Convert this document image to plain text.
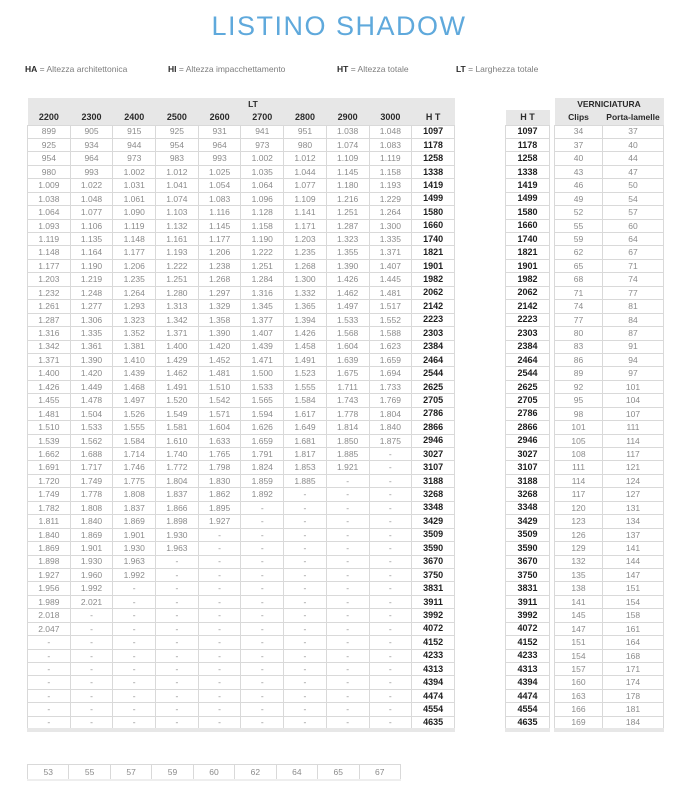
LISTINO SHADOW
HA = Altezza architettonica	HI = Altezza impacchettamento	HT = Altezza totale	LT = Larghezza totale
LT									
2200	2300	2400	2500	2600	2700	2800	2900	3000	H T
899	905	915	925	931	941	951	1.038	1.048	1097
925	934	944	954	964	973	980	1.074	1.083	1178
954	964	973	983	993	1.002	1.012	1.109	1.119	1258
980	993	1.002	1.012	1.025	1.035	1.044	1.145	1.158	1338
1.009	1.022	1.031	1.041	1.054	1.064	1.077	1.180	1.193	1419
1.038	1.048	1.061	1.074	1.083	1.096	1.109	1.216	1.229	1499
1.064	1.077	1.090	1.103	1.116	1.128	1.141	1.251	1.264	1580
1.093	1.106	1.119	1.132	1.145	1.158	1.171	1.287	1.300	1660
1.119	1.135	1.148	1.161	1.177	1.190	1.203	1.323	1.335	1740
1.148	1.164	1.177	1.193	1.206	1.222	1.235	1.355	1.371	1821
1.177	1.190	1.206	1.222	1.238	1.251	1.268	1.390	1.407	1901
1.203	1.219	1.235	1.251	1.268	1.284	1.300	1.426	1.445	1982
1.232	1.248	1.264	1.280	1.297	1.316	1.332	1.462	1.481	2062
1.261	1.277	1.293	1.313	1.329	1.345	1.365	1.497	1.517	2142
1.287	1.306	1.323	1.342	1.358	1.377	1.394	1.533	1.552	2223
1.316	1.335	1.352	1.371	1.390	1.407	1.426	1.568	1.588	2303
1.342	1.361	1.381	1.400	1.420	1.439	1.458	1.604	1.623	2384
1.371	1.390	1.410	1.429	1.452	1.471	1.491	1.639	1.659	2464
1.400	1.420	1.439	1.462	1.481	1.500	1.523	1.675	1.694	2544
1.426	1.449	1.468	1.491	1.510	1.533	1.555	1.711	1.733	2625
1.455	1.478	1.497	1.520	1.542	1.565	1.584	1.743	1.769	2705
1.481	1.504	1.526	1.549	1.571	1.594	1.617	1.778	1.804	2786
1.510	1.533	1.555	1.581	1.604	1.626	1.649	1.814	1.840	2866
1.539	1.562	1.584	1.610	1.633	1.659	1.681	1.850	1.875	2946
1.662	1.688	1.714	1.740	1.765	1.791	1.817	1.885	-	3027
1.691	1.717	1.746	1.772	1.798	1.824	1.853	1.921	-	3107
1.720	1.749	1.775	1.804	1.830	1.859	1.885	-	-	3188
1.749	1.778	1.808	1.837	1.862	1.892	-	-	-	3268
1.782	1.808	1.837	1.866	1.895	-	-	-	-	3348
1.811	1.840	1.869	1.898	1.927	-	-	-	-	3429
1.840	1.869	1.901	1.930	-	-	-	-	-	3509
1.869	1.901	1.930	1.963	-	-	-	-	-	3590
1.898	1.930	1.963	-	-	-	-	-	-	3670
1.927	1.960	1.992	-	-	-	-	-	-	3750
1.956	1.992	-	-	-	-	-	-	-	3831
1.989	2.021	-	-	-	-	-	-	-	3911
2.018	-	-	-	-	-	-	-	-	3992
2.047	-	-	-	-	-	-	-	-	4072
-	-	-	-	-	-	-	-	-	4152
-	-	-	-	-	-	-	-	-	4233
-	-	-	-	-	-	-	-	-	4313
-	-	-	-	-	-	-	-	-	4394
-	-	-	-	-	-	-	-	-	4474
-	-	-	-	-	-	-	-	-	4554
-	-	-	-	-	-	-	-	-	4635

H T
1097
1178
1258
1338
1419
1499
1580
1660
1740
1821
1901
1982
2062
2142
2223
2303
2384
2464
2544
2625
2705
2786
2866
2946
3027
3107
3188
3268
3348
3429
3509
3590
3670
3750
3831
3911
3992
4072
4152
4233
4313
4394
4474
4554
4635
VERNICIATURA	
Clips	Porta-lamelle
34	37
37	40
40	44
43	47
46	50
49	54
52	57
55	60
59	64
62	67
65	71
68	74
71	77
74	81
77	84
80	87
83	91
86	94
89	97
92	101
95	104
98	107
101	111
105	114
108	117
111	121
114	124
117	127
120	131
123	134
126	137
129	141
132	144
135	147
138	151
141	154
145	158
147	161
151	164
154	168
157	171
160	174
163	178
166	181
169	184
53	55	57	59	60	62	64	65	67
